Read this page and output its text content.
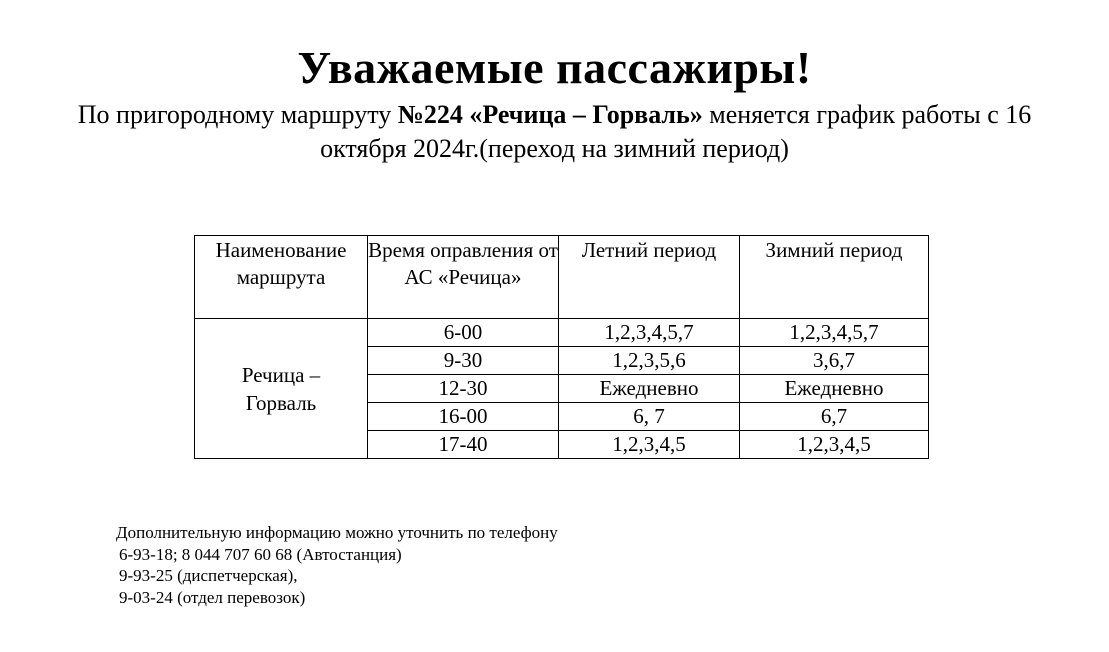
Уважаемые пассажиры!
По пригородному маршруту №224 «Речица – Горваль» меняется график работы с 16 октября 2024г.(переход на зимний период)
Наименование маршрута	Время оправления от АС «Речица»	Летний период	Зимний период
Речица –
Горваль	6-00	1,2,3,4,5,7	1,2,3,4,5,7
	9-30	1,2,3,5,6	3,6,7
	12-30	Ежедневно	Ежедневно
	16-00	6, 7	6,7
	17-40	1,2,3,4,5	1,2,3,4,5
Дополнительную информацию можно уточнить по телефону
6-93-18; 8 044 707 60 68 (Автостанция)
9-93-25 (диспетчерская),
9-03-24 (отдел перевозок)
